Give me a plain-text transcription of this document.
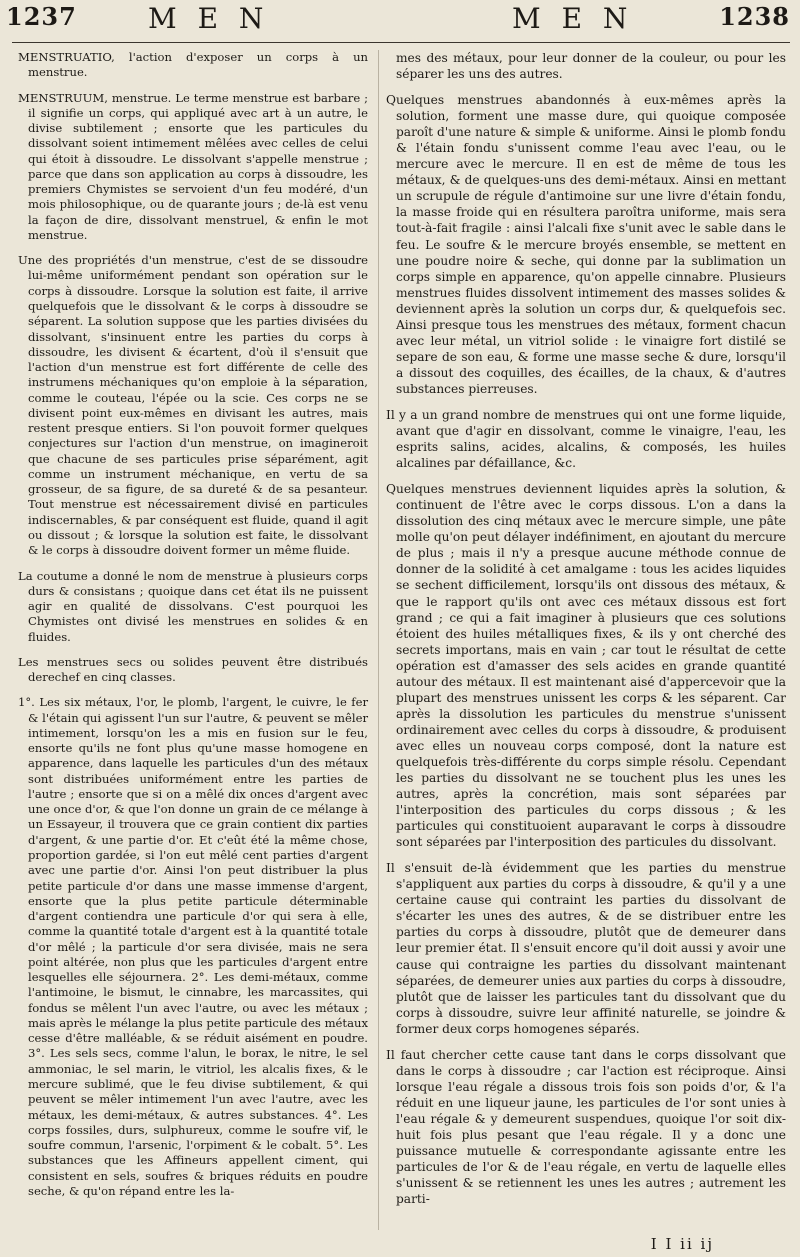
1237	M E N	M E N	1238

MENSTRUATIO, l'action d'exposer un corps à un menstrue.

MENSTRUUM, menstrue. Le terme menstrue est barbare ; il signifie un corps, qui appliqué avec art à un autre, le divise subtilement ; ensorte que les particules du dissolvant soient intimement mêlées avec celles de celui qui étoit à dissoudre. Le dissolvant s'appelle menstrue ; parce que dans son application au corps à dissoudre, les premiers Chymistes se servoient d'un feu modéré, d'un mois philosophique, ou de quarante jours ; de-là est venu la façon de dire, dissolvant menstruel, & enfin le mot menstrue.

Une des propriétés d'un menstrue, c'est de se dissoudre lui-même uniformément pendant son opération sur le corps à dissoudre. Lorsque la solution est faite, il arrive quelquefois que le dissolvant & le corps à dissoudre se séparent. La solution suppose que les parties divisées du dissolvant, s'insinuent entre les parties du corps à dissoudre, les divisent & écartent, d'où il s'ensuit que l'action d'un menstrue est fort différente de celle des instrumens méchaniques qu'on emploie à la séparation, comme le couteau, l'épée ou la scie. Ces corps ne se divisent point eux-mêmes en divisant les autres, mais restent presque entiers. Si l'on pouvoit former quelques conjectures sur l'action d'un menstrue, on imagineroit que chacune de ses particules prise séparément, agit comme un instrument méchanique, en vertu de sa grosseur, de sa figure, de sa dureté & de sa pesanteur. Tout menstrue est nécessairement divisé en particules indiscernables, & par conséquent est fluide, quand il agit ou dissout ; & lorsque la solution est faite, le dissolvant & le corps à dissoudre doivent former un même fluide.

La coutume a donné le nom de menstrue à plusieurs corps durs & consistans ; quoique dans cet état ils ne puissent agir en qualité de dissolvans. C'est pourquoi les Chymistes ont divisé les menstrues en solides & en fluides.

Les menstrues secs ou solides peuvent être distribués derechef en cinq classes.

1°. Les six métaux, l'or, le plomb, l'argent, le cuivre, le fer & l'étain qui agissent l'un sur l'autre, & peuvent se mêler intimement, lorsqu'on les a mis en fusion sur le feu, ensorte qu'ils ne font plus qu'une masse homogene en apparence, dans laquelle les particules d'un des métaux sont distribuées uniformément entre les parties de l'autre ; ensorte que si on a mêlé dix onces d'argent avec une once d'or, & que l'on donne un grain de ce mélange à un Essayeur, il trouvera que ce grain contient dix parties d'argent, & une partie d'or. Et c'eût été la même chose, proportion gardée, si l'on eut mêlé cent parties d'argent avec une partie d'or. Ainsi l'on peut distribuer la plus petite particule d'or dans une masse immense d'argent, ensorte que la plus petite particule déterminable d'argent contiendra une particule d'or qui sera à elle, comme la quantité totale d'argent est à la quantité totale d'or mêlé ; la particule d'or sera divisée, mais ne sera point altérée, non plus que les particules d'argent entre lesquelles elle séjournera. 2°. Les demi-métaux, comme l'antimoine, le bismut, le cinnabre, les marcassites, qui fondus se mêlent l'un avec l'autre, ou avec les métaux ; mais après le mélange la plus petite particule des métaux cesse d'être malléable, & se réduit aisément en poudre. 3°. Les sels secs, comme l'alun, le borax, le nitre, le sel ammoniac, le sel marin, le vitriol, les alcalis fixes, & le mercure sublimé, que le feu divise subtilement, & qui peuvent se mêler intimement l'un avec l'autre, avec les métaux, les demi-métaux, & autres substances. 4°. Les corps fossiles, durs, sulphureux, comme le soufre vif, le soufre commun, l'arsenic, l'orpiment & le cobalt. 5°. Les substances que les Affineurs appellent ciment, qui consistent en sels, soufres & briques réduits en poudre seche, & qu'on répand entre les la-

mes des métaux, pour leur donner de la couleur, ou pour les séparer les uns des autres.

Quelques menstrues abandonnés à eux-mêmes après la solution, forment une masse dure, qui quoique composée paroît d'une nature & simple & uniforme. Ainsi le plomb fondu & l'étain fondu s'unissent comme l'eau avec l'eau, ou le mercure avec le mercure. Il en est de même de tous les métaux, & de quelques-uns des demi-métaux. Ainsi en mettant un scrupule de régule d'antimoine sur une livre d'étain fondu, la masse froide qui en résultera paroîtra uniforme, mais sera tout-à-fait fragile : ainsi l'alcali fixe s'unit avec le sable dans le feu. Le soufre & le mercure broyés ensemble, se mettent en une poudre noire & seche, qui donne par la sublimation un corps simple en apparence, qu'on appelle cinnabre. Plusieurs menstrues fluides dissolvent intimement des masses solides & deviennent après la solution un corps dur, & quelquefois sec. Ainsi presque tous les menstrues des métaux, forment chacun avec leur métal, un vitriol solide : le vinaigre fort distilé se separe de son eau, & forme une masse seche & dure, lorsqu'il a dissout des coquilles, des écailles, de la chaux, & d'autres substances pierreuses.

Il y a un grand nombre de menstrues qui ont une forme liquide, avant que d'agir en dissolvant, comme le vinaigre, l'eau, les esprits salins, acides, alcalins, & composés, les huiles alcalines par défaillance, &c.

Quelques menstrues deviennent liquides après la solution, & continuent de l'être avec le corps dissous. L'on a dans la dissolution des cinq métaux avec le mercure simple, une pâte molle qu'on peut délayer indéfiniment, en ajoutant du mercure de plus ; mais il n'y a presque aucune méthode connue de donner de la solidité à cet amalgame : tous les acides liquides se sechent difficilement, lorsqu'ils ont dissous des métaux, & que le rapport qu'ils ont avec ces métaux dissous est fort grand ; ce qui a fait imaginer à plusieurs que ces solutions étoient des huiles métalliques fixes, & ils y ont cherché des secrets importans, mais en vain ; car tout le résultat de cette opération est d'amasser des sels acides en grande quantité autour des métaux. Il est maintenant aisé d'appercevoir que la plupart des menstrues unissent les corps & les séparent. Car après la dissolution les particules du menstrue s'unissent ordinairement avec celles du corps à dissoudre, & produisent avec elles un nouveau corps composé, dont la nature est quelquefois très-différente du corps simple résolu. Cependant les parties du dissolvant ne se touchent plus les unes les autres, après la concrétion, mais sont séparées par l'interposition des particules du corps dissous ; & les particules qui constituoient auparavant le corps à dissoudre sont séparées par l'interposition des particules du dissolvant.

Il s'ensuit de-là évidemment que les parties du menstrue s'appliquent aux parties du corps à dissoudre, & qu'il y a une certaine cause qui contraint les parties du dissolvant de s'écarter les unes des autres, & de se distribuer entre les parties du corps à dissoudre, plutôt que de demeurer dans leur premier état. Il s'ensuit encore qu'il doit aussi y avoir une cause qui contraigne les parties du dissolvant maintenant séparées, de demeurer unies aux parties du corps à dissoudre, plutôt que de laisser les particules tant du dissolvant que du corps à dissoudre, suivre leur affinité naturelle, se joindre & former deux corps homogenes séparés.

Il faut chercher cette cause tant dans le corps dissolvant que dans le corps à dissoudre ; car l'action est réciproque. Ainsi lorsque l'eau régale a dissous trois fois son poids d'or, & l'a réduit en une liqueur jaune, les particules de l'or sont unies à l'eau régale & y demeurent suspendues, quoique l'or soit dix-huit fois plus pesant que l'eau régale. Il y a donc une puissance mutuelle & correspondante agissante entre les particules de l'or & de l'eau régale, en vertu de laquelle elles s'unissent & se retiennent les unes les autres ; autrement les parti-

I I ii ij
